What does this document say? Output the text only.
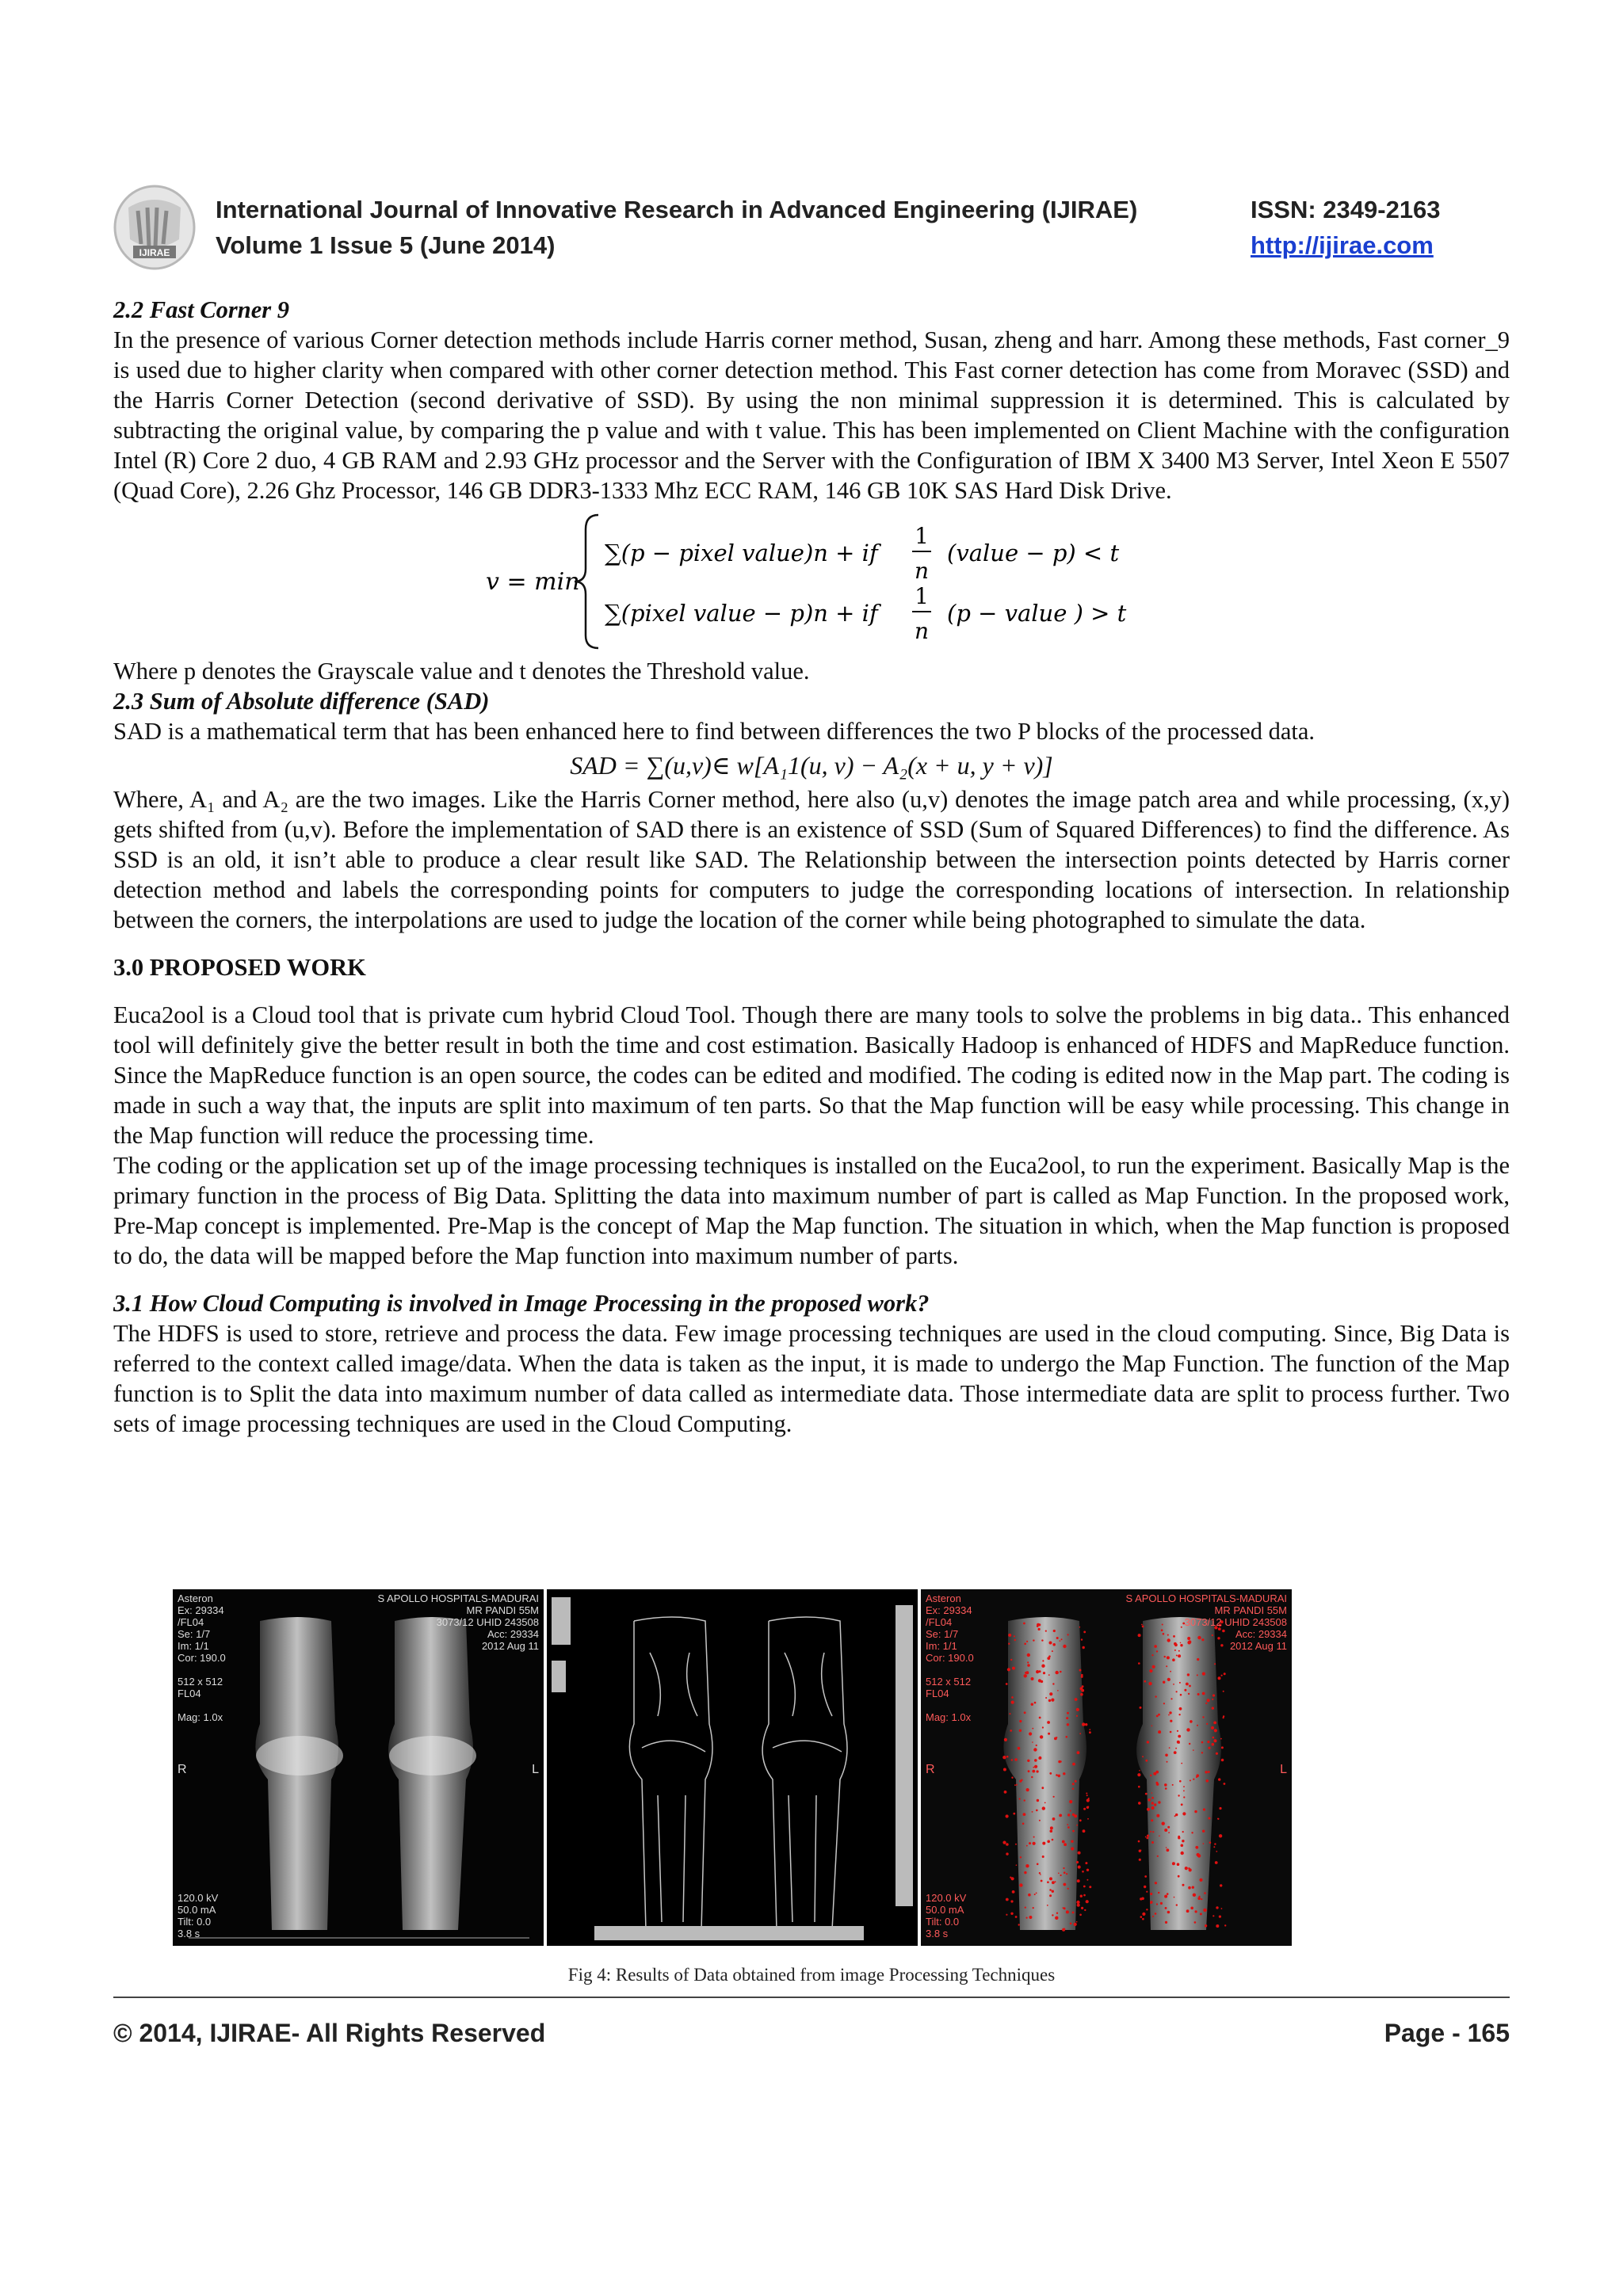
IJIRAE
International Journal of Innovative Research in Advanced Engineering (IJIRAE)
Volume 1 Issue 5 (June 2014)
ISSN: 2349-2163
http://ijirae.com

2.2 Fast Corner 9

In the presence of various Corner detection methods include Harris corner method, Susan, zheng and harr. Among these methods, Fast corner_9 is used due to higher clarity when compared with other corner detection method. This Fast corner detection has come from Moravec (SSD) and the Harris Corner Detection (second derivative of SSD). By using the non minimal suppression it is determined. This is calculated by subtracting the original value, by comparing the p value and with t value. This has been implemented on Client Machine with the configuration Intel (R) Core 2 duo, 4 GB RAM and 2.93 GHz processor and the Server with the Configuration of IBM X 3400 M3 Server, Intel Xeon E 5507 (Quad Core), 2.26 Ghz Processor, 146 GB DDR3-1333 Mhz ECC RAM, 146 GB 10K SAS Hard Disk Drive.

v = min
∑(p − pixel value)n + if
1
n
(value − p) < t
∑(pixel value − p)n + if
1
n
(p − value ) > t

Where p denotes the Grayscale value and t denotes the Threshold value.

2.3 Sum of Absolute difference (SAD)

SAD is a mathematical term that has been enhanced here to find between differences the two P blocks of the processed data.

SAD = ∑(u,v)∈ w[A₁1(u, v) − A₂(x + u, y + v)]

Where, A₁ and A₂ are the two images. Like the Harris Corner method, here also (u,v) denotes the image patch area and while processing, (x,y) gets shifted from (u,v). Before the implementation of SAD there is an existence of SSD (Sum of Squared Differences) to find the difference. As SSD is an old, it isn’t able to produce a clear result like SAD. The Relationship between the intersection points detected by Harris corner detection method and labels the corresponding points for computers to judge the corresponding locations of intersection. In relationship between the corners, the interpolations are used to judge the location of the corner while being photographed to simulate the data.

3.0 PROPOSED WORK

Euca2ool is a Cloud tool that is private cum hybrid Cloud Tool. Though there are many tools to solve the problems in big data.. This enhanced tool will definitely give the better result in both the time and cost estimation. Basically Hadoop is enhanced of HDFS and MapReduce function. Since the MapReduce function is an open source, the codes can be edited and modified. The coding is edited now in the Map part. The coding is made in such a way that, the inputs are split into maximum of ten parts. So that the Map function will be easy while processing. This change in the Map function will reduce the processing time.

The coding or the application set up of the image processing techniques is installed on the Euca2ool, to run the experiment. Basically Map is the primary function in the process of Big Data. Splitting the data into maximum number of part is called as Map Function. In the proposed work, Pre-Map concept is implemented. Pre-Map is the concept of Map the Map function. The situation in which, when the Map function is proposed to do, the data will be mapped before the Map function into maximum number of parts.

3.1 How Cloud Computing is involved in Image Processing in the proposed work?

The HDFS is used to store, retrieve and process the data. Few image processing techniques are used in the cloud computing. Since, Big Data is referred to the context called image/data. When the data is taken as the input, it is made to undergo the Map Function. The function of the Map function is to Split the data into maximum number of data called as intermediate data. Those intermediate data are split to process further. Two sets of image processing techniques are used in the Cloud Computing.

Asteron
Ex: 29334
/FL04
Se: 1/7
Im: 1/1
Cor: 190.0

512 x 512
FL04

Mag: 1.0x
S APOLLO HOSPITALS-MADURAI
MR PANDI 55M
3073/12 UHID 243508
Acc: 29334
2012 Aug 11
120.0 kV
50.0 mA
Tilt: 0.0
3.8 s
R	L
Asteron
Ex: 29334
/FL04
Se: 1/7
Im: 1/1
Cor: 190.0

512 x 512
FL04

Mag: 1.0x
S APOLLO HOSPITALS-MADURAI
MR PANDI 55M
3073/12 UHID 243508
Acc: 29334
2012 Aug 11
120.0 kV
50.0 mA
Tilt: 0.0
3.8 s
R	L
Fig 4: Results of Data obtained from image Processing Techniques
© 2014, IJIRAE- All Rights Reserved	Page - 165
